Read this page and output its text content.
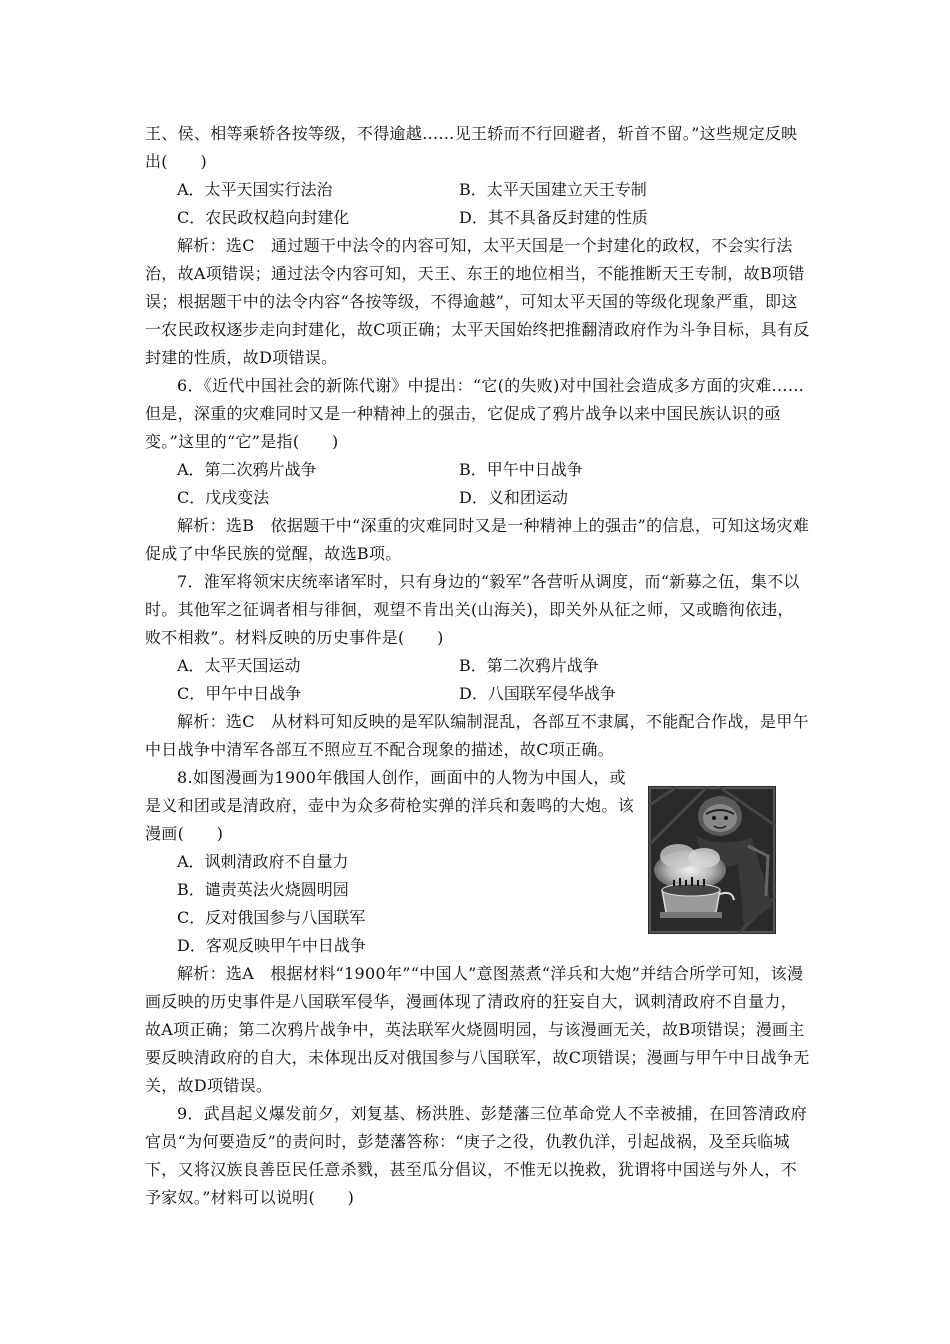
王、侯、相等乘轿各按等级，不得逾越……见王轿而不行回避者，斩首不留。”这些规定反映出(　　)

A．太平天国实行法治	B．太平天国建立天王专制
C．农民政权趋向封建化	D．其不具备反封建的性质

解析：选C　通过题干中法令的内容可知，太平天国是一个封建化的政权，不会实行法治，故A项错误；通过法令内容可知，天王、东王的地位相当，不能推断天王专制，故B项错误；根据题干中的法令内容“各按等级，不得逾越”，可知太平天国的等级化现象严重，即这一农民政权逐步走向封建化，故C项正确；太平天国始终把推翻清政府作为斗争目标，具有反封建的性质，故D项错误。

6．《近代中国社会的新陈代谢》中提出：“它(的失败)对中国社会造成多方面的灾难……但是，深重的灾难同时又是一种精神上的强击，它促成了鸦片战争以来中国民族认识的亟变。”这里的“它”是指(　　)

A．第二次鸦片战争	B．甲午中日战争
C．戊戌变法	D．义和团运动

解析：选B　依据题干中“深重的灾难同时又是一种精神上的强击”的信息，可知这场灾难促成了中华民族的觉醒，故选B项。

7．淮军将领宋庆统率诸军时，只有身边的“毅军”各营听从调度，而“新募之伍，集不以时。其他军之征调者相与徘徊，观望不肯出关(山海关)，即关外从征之师，又或瞻徇依违，败不相救”。材料反映的历史事件是(　　)

A．太平天国运动	B．第二次鸦片战争
C．甲午中日战争	D．八国联军侵华战争

解析：选C　从材料可知反映的是军队编制混乱，各部互不隶属，不能配合作战，是甲午中日战争中清军各部互不照应互不配合现象的描述，故C项正确。

8.如图漫画为1900年俄国人创作，画面中的人物为中国人，或是义和团或是清政府，壶中为众多荷枪实弹的洋兵和轰鸣的大炮。该漫画(　　)

A．讽刺清政府不自量力
B．谴责英法火烧圆明园
C．反对俄国参与八国联军
D．客观反映甲午中日战争

解析：选A　根据材料“1900年”“中国人”意图蒸煮“洋兵和大炮”并结合所学可知，该漫画反映的历史事件是八国联军侵华，漫画体现了清政府的狂妄自大，讽刺清政府不自量力，故A项正确；第二次鸦片战争中，英法联军火烧圆明园，与该漫画无关，故B项错误；漫画主要反映清政府的自大，未体现出反对俄国参与八国联军，故C项错误；漫画与甲午中日战争无关，故D项错误。

9．武昌起义爆发前夕，刘复基、杨洪胜、彭楚藩三位革命党人不幸被捕，在回答清政府官员“为何要造反”的责问时，彭楚藩答称：“庚子之役，仇教仇洋，引起战祸，及至兵临城下，又将汉族良善臣民任意杀戮，甚至瓜分倡议，不惟无以挽救，犹谓将中国送与外人，不予家奴。”材料可以说明(　　)
